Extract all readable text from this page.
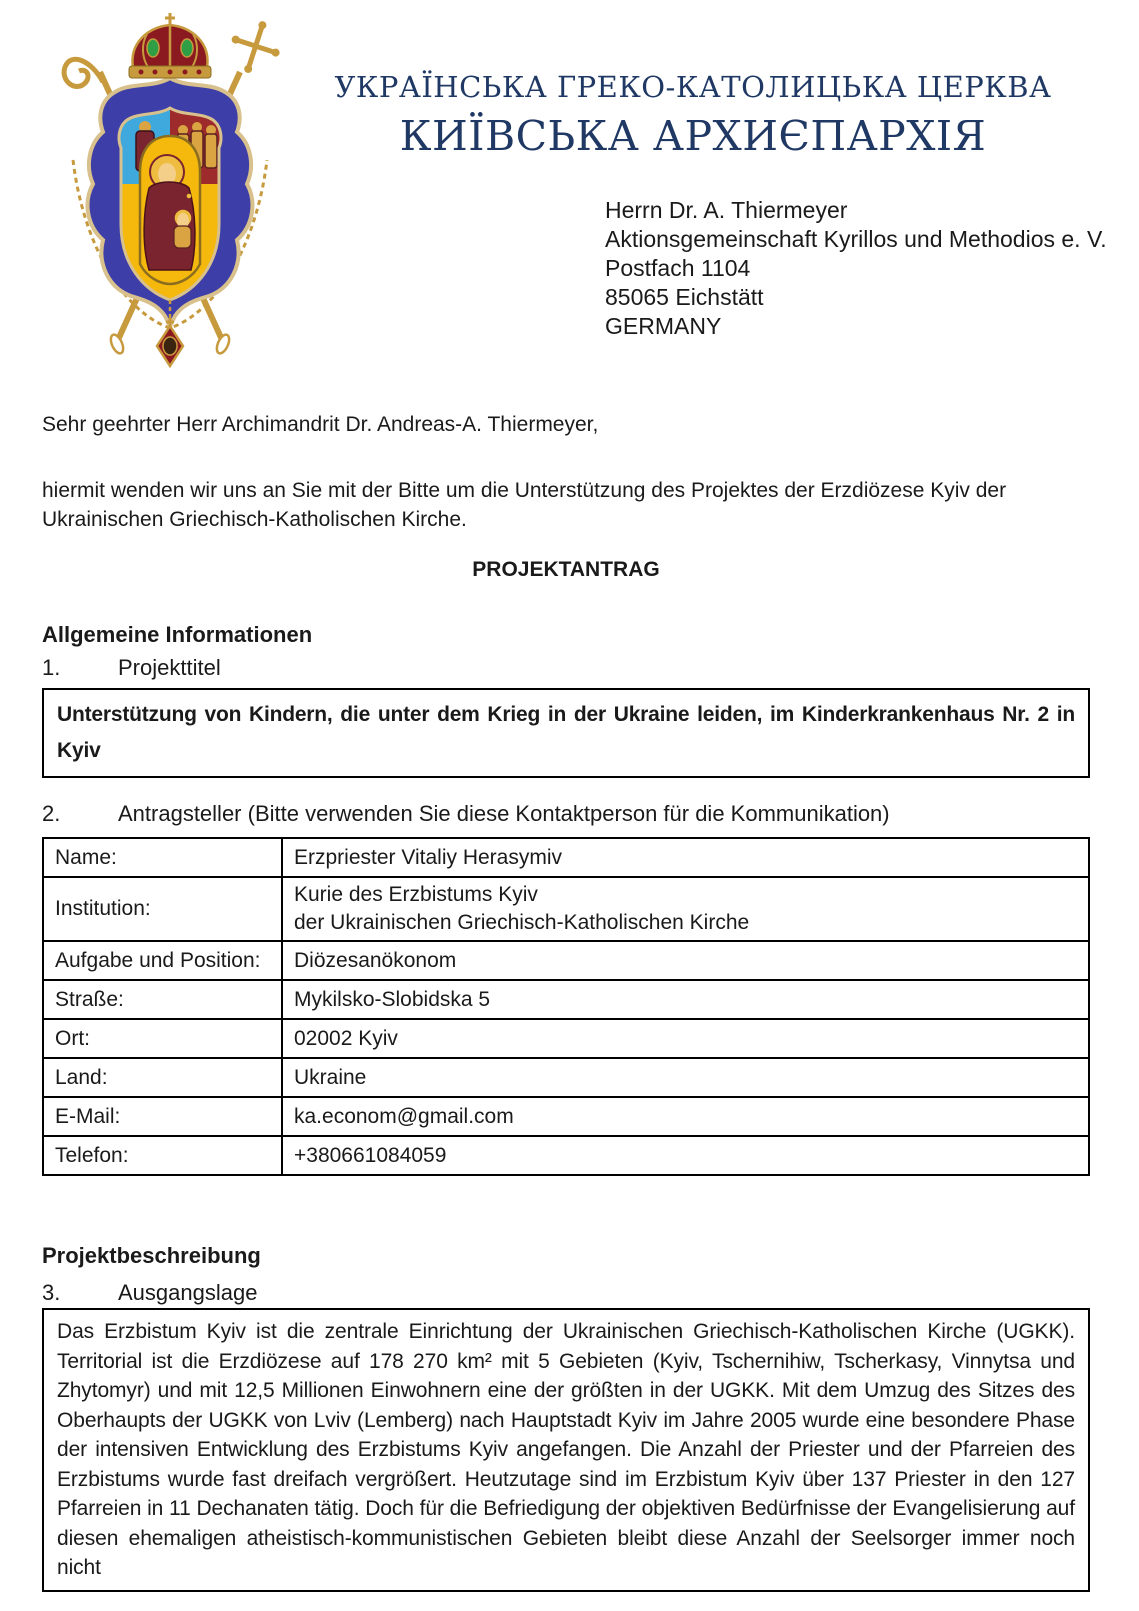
УКРАЇНСЬКА ГРЕКО-КАТОЛИЦЬКА ЦЕРКВА
КИЇВСЬКА АРХИЄПАРХІЯ
Herrn Dr. A. Thiermeyer
Aktionsgemeinschaft Kyrillos und Methodios e. V.
Postfach 1104
85065 Eichstätt
GERMANY
Sehr geehrter Herr Archimandrit Dr. Andreas-A. Thiermeyer,
hiermit wenden wir uns an Sie mit der Bitte um die Unterstützung des Projektes der Erzdiözese Kyiv der Ukrainischen Griechisch-Katholischen Kirche.
PROJEKTANTRAG
Allgemeine Informationen
1.	Projekttitel
Unterstützung von Kindern, die unter dem Krieg in der Ukraine leiden, im Kinderkrankenhaus Nr. 2 in Kyiv
2.	Antragsteller (Bitte verwenden Sie diese Kontaktperson für die Kommunikation)
Name:	Erzpriester Vitaliy Herasymiv

Institution:	Kurie des Erzbistums Kyiv
der Ukrainischen Griechisch-Katholischen Kirche

Aufgabe und Position:	Diözesanökonom

Straße:	Mykilsko-Slobidska 5

Ort:	02002 Kyiv

Land:	Ukraine

E-Mail:	ka.econom@gmail.com

Telefon:	+380661084059
Projektbeschreibung
3.	Ausgangslage
Das Erzbistum Kyiv ist die zentrale Einrichtung der Ukrainischen Griechisch-Katholischen Kirche (UGKK). Territorial ist die Erzdiözese auf 178 270 km² mit 5 Gebieten (Kyiv, Tschernihiw, Tscherkasy, Vinnytsa und Zhytomyr) und mit 12,5 Millionen Einwohnern eine der größten in der UGKK. Mit dem Umzug des Sitzes des Oberhaupts der UGKK von Lviv (Lemberg) nach Hauptstadt Kyiv im Jahre 2005 wurde eine besondere Phase der intensiven Entwicklung des Erzbistums Kyiv angefangen. Die Anzahl der Priester und der Pfarreien des Erzbistums wurde fast dreifach vergrößert. Heutzutage sind im Erzbistum Kyiv über 137 Priester in den 127 Pfarreien in 11 Dechanaten tätig. Doch für die Befriedigung der objektiven Bedürfnisse der Evangelisierung auf diesen ehemaligen atheistisch-kommunistischen Gebieten bleibt diese Anzahl der Seelsorger immer noch nicht
